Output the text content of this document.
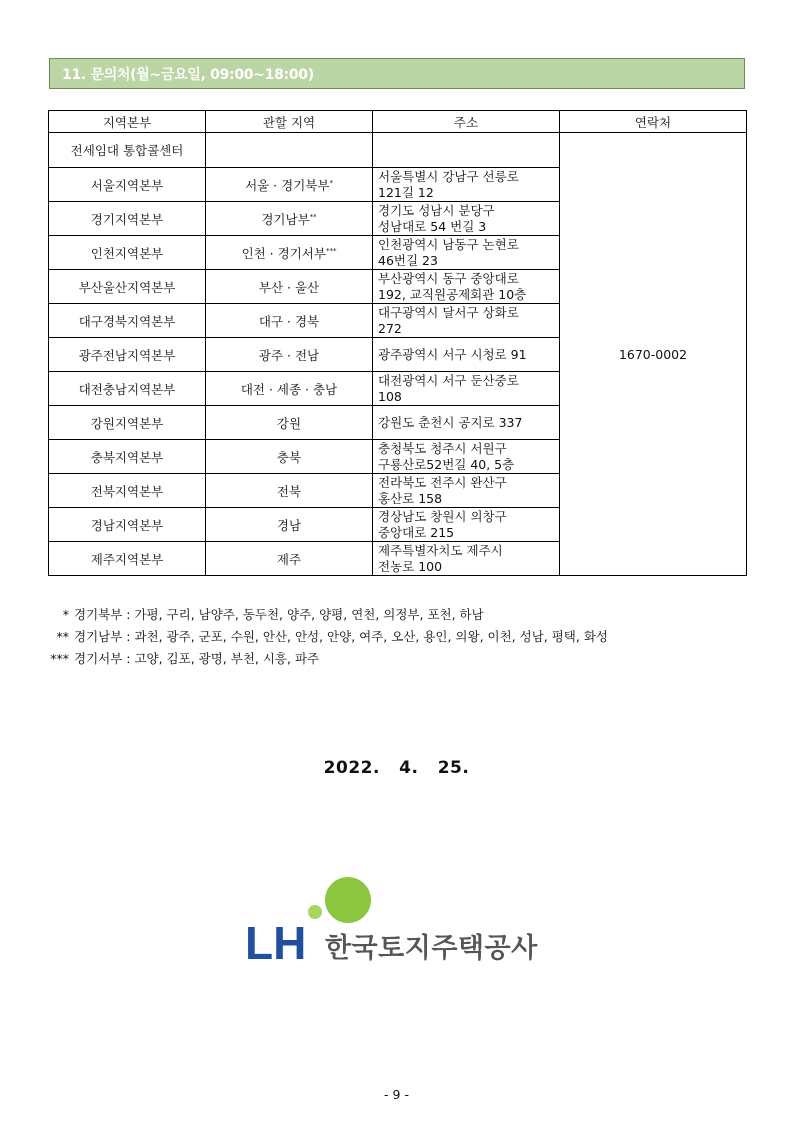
11. 문의처(월~금요일, 09:00~18:00)
지역본부	관할 지역	주소	연락처
전세임대 통합콜센터			1670-0002
서울지역본부	서울 · 경기북부*	서울특별시 강남구 선릉로
121길 12	
경기지역본부	경기남부**	경기도 성남시 분당구
성남대로 54 번길 3	
인천지역본부	인천 · 경기서부***	인천광역시 남동구 논현로
46번길 23	
부산울산지역본부	부산 · 울산	부산광역시 동구 중앙대로
192, 교직원공제회관 10층	
대구경북지역본부	대구 · 경북	대구광역시 달서구 상화로
272	
광주전남지역본부	광주 · 전남	광주광역시 서구 시청로 91	
대전충남지역본부	대전 · 세종 · 충남	대전광역시 서구 둔산중로
108	
강원지역본부	강원	강원도 춘천시 공지로 337	
충북지역본부	충북	충청북도 청주시 서원구
구룡산로52번길 40, 5층	
전북지역본부	전북	전라북도 전주시 완산구
홍산로 158	
경남지역본부	경남	경상남도 창원시 의창구
중앙대로 215	
제주지역본부	제주	제주특별자치도 제주시
전농로 100	
* 경기북부 : 가평, 구리, 남양주, 동두천, 양주, 양평, 연천, 의정부, 포천, 하남
** 경기남부 : 과천, 광주, 군포, 수원, 안산, 안성, 안양, 여주, 오산, 용인, 의왕, 이천, 성남, 평택, 화성
*** 경기서부 : 고양, 김포, 광명, 부천, 시흥, 파주
2022.   4.   25.
LH 한국토지주택공사
- 9 -
